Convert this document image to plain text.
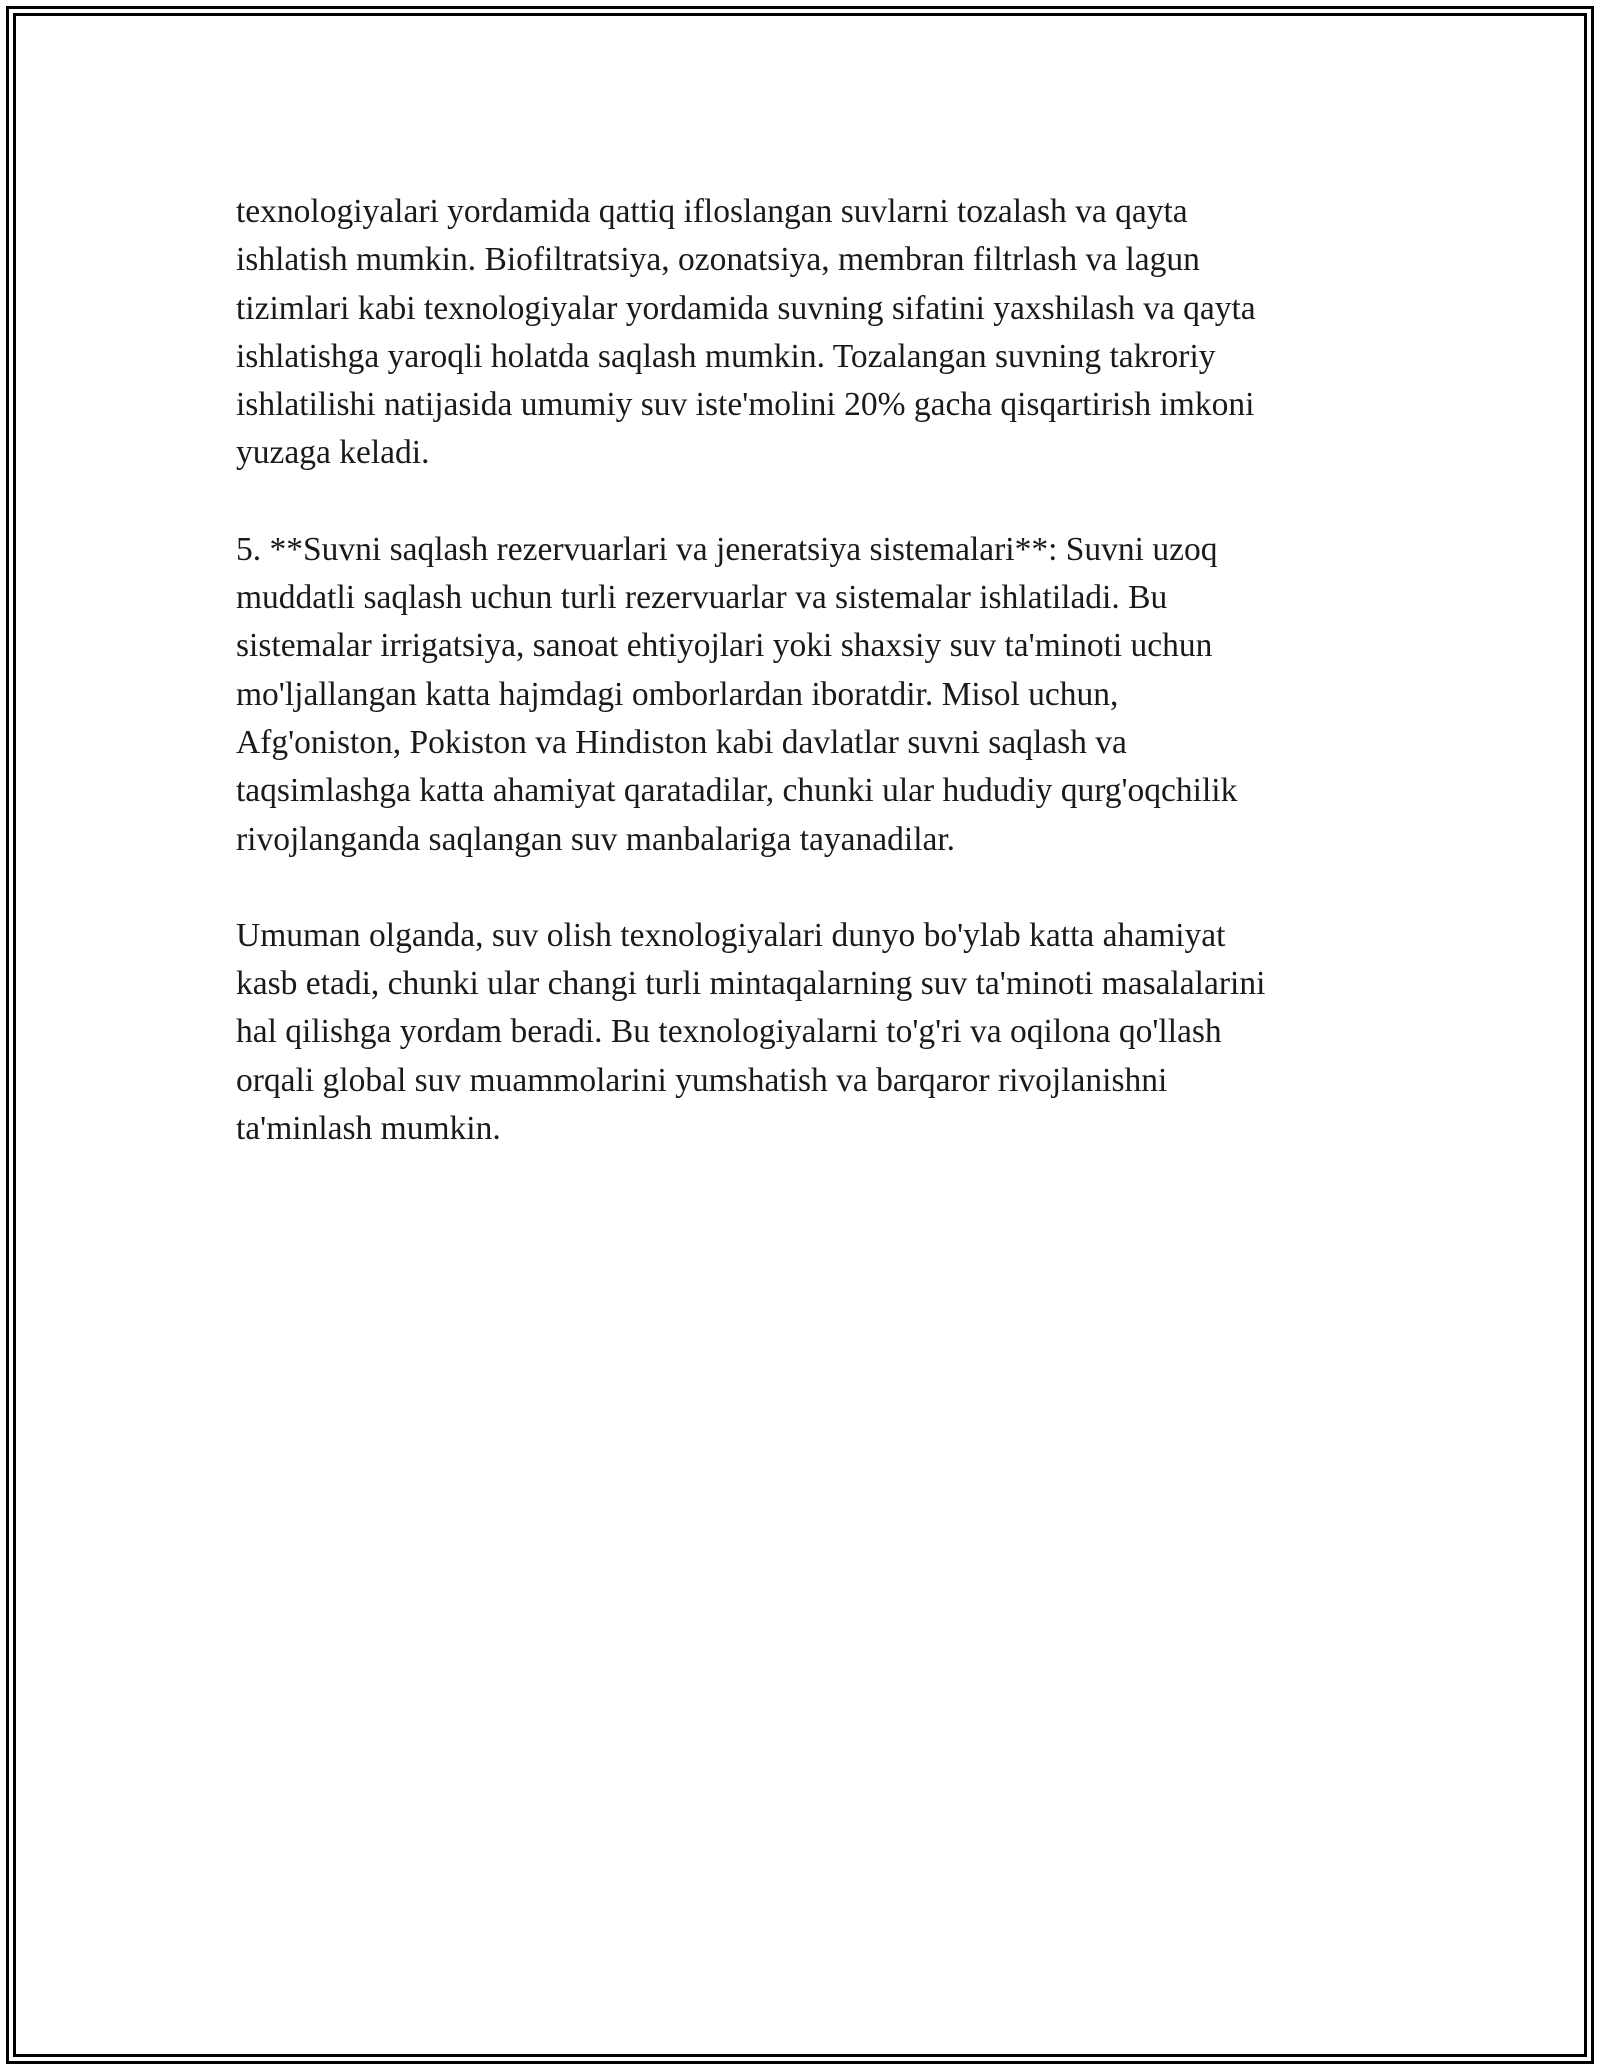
texnologiyalari yordamida qattiq ifloslangan suvlarni tozalash va qayta
ishlatish mumkin. Biofiltratsiya, ozonatsiya, membran filtrlash va lagun
tizimlari kabi texnologiyalar yordamida suvning sifatini yaxshilash va qayta
ishlatishga yaroqli holatda saqlash mumkin. Tozalangan suvning takroriy
ishlatilishi natijasida umumiy suv iste'molini 20% gacha qisqartirish imkoni
yuzaga keladi.

5. **Suvni saqlash rezervuarlari va jeneratsiya sistemalari**: Suvni uzoq
muddatli saqlash uchun turli rezervuarlar va sistemalar ishlatiladi. Bu
sistemalar irrigatsiya, sanoat ehtiyojlari yoki shaxsiy suv ta'minoti uchun
mo'ljallangan katta hajmdagi omborlardan iboratdir. Misol uchun,
Afg'oniston, Pokiston va Hindiston kabi davlatlar suvni saqlash va
taqsimlashga katta ahamiyat qaratadilar, chunki ular hududiy qurg'oqchilik
rivojlanganda saqlangan suv manbalariga tayanadilar.

Umuman olganda, suv olish texnologiyalari dunyo bo'ylab katta ahamiyat
kasb etadi, chunki ular changi turli mintaqalarning suv ta'minoti masalalarini
hal qilishga yordam beradi. Bu texnologiyalarni to'g'ri va oqilona qo'llash
orqali global suv muammolarini yumshatish va barqaror rivojlanishni
ta'minlash mumkin.
